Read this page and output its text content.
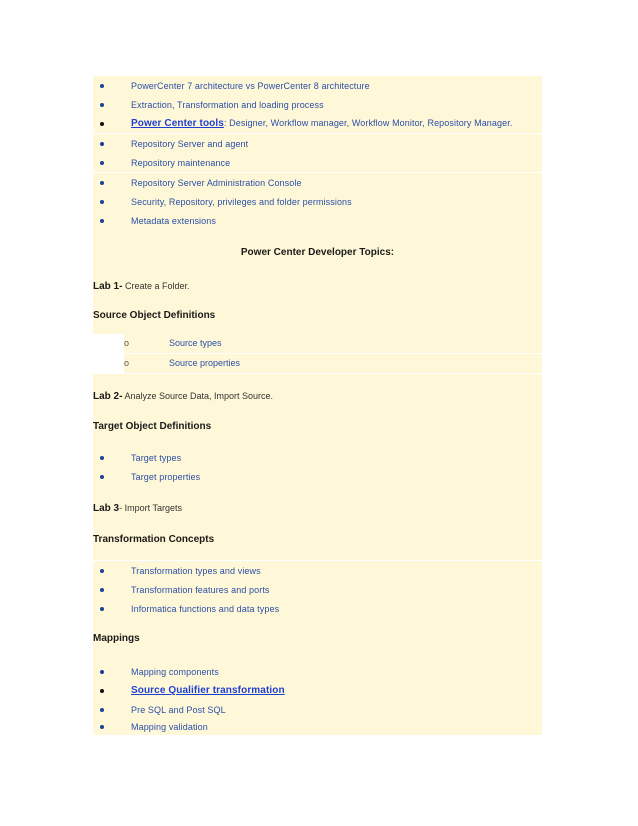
PowerCenter 7 architecture vs PowerCenter 8 architecture
Extraction, Transformation and loading process
Power Center tools: Designer, Workflow manager, Workflow Monitor, Repository Manager.
Repository Server and agent
Repository maintenance
Repository Server Administration Console
Security, Repository, privileges and folder permissions
Metadata extensions
Power Center Developer Topics:
Lab 1- Create a Folder.
Source Object Definitions
o	Source types
o	Source properties
Lab 2- Analyze Source Data, Import Source.
Target Object Definitions
Target types
Target properties
Lab 3- Import Targets
Transformation Concepts
Transformation types and views
Transformation features and ports
Informatica functions and data types
Mappings
Mapping components
Source Qualifier transformation
Pre SQL and Post SQL
Mapping validation
